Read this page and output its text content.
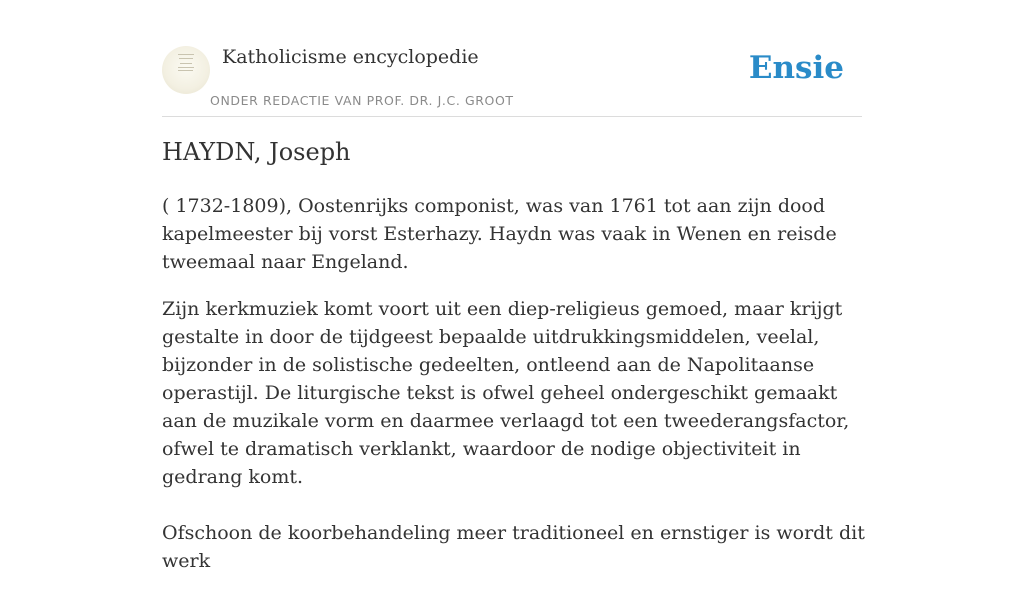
Katholicisme encyclopedie
ONDER REDACTIE VAN PROF. DR. J.C. GROOT
Ensie
HAYDN, Joseph

( 1732-1809), Oostenrijks componist, was van 1761 tot aan zijn dood kapelmeester bij vorst Esterhazy. Haydn was vaak in Wenen en reisde tweemaal naar Engeland.

Zijn kerkmuziek komt voort uit een diep-religieus gemoed, maar krijgt gestalte in door de tijdgeest bepaalde uitdrukkingsmiddelen, veelal, bijzonder in de solistische gedeelten, ontleend aan de Napolitaanse operastijl. De liturgische tekst is ofwel geheel ondergeschikt gemaakt aan de muzikale vorm en daarmee verlaagd tot een tweederangsfactor, ofwel te dramatisch verklankt, waardoor de nodige objectiviteit in gedrang komt.

Ofschoon de koorbehandeling meer traditioneel en ernstiger is wordt dit werk
